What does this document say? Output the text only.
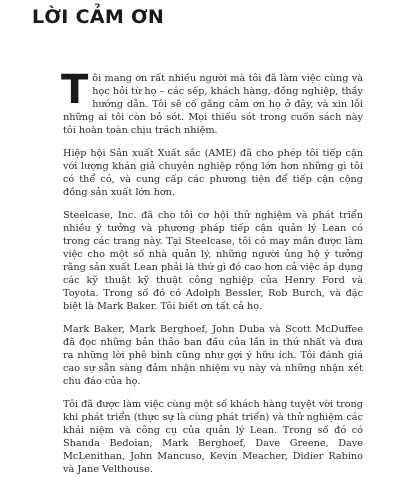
LỜI CẢM ƠN

Tôi mang ơn rất nhiều người mà tôi đã làm việc cùng và học hỏi từ họ – các sếp, khách hàng, đồng nghiệp, thầy hướng dẫn. Tôi sẽ cố gắng cảm ơn họ ở đây, và xin lỗi những ai tôi còn bỏ sót. Mọi thiếu sót trong cuốn sách này tôi hoàn toàn chịu trách nhiệm.

Hiệp hội Sản xuất Xuất sắc (AME) đã cho phép tôi tiếp cận với lượng khán giả chuyên nghiệp rộng lớn hơn những gì tôi có thể có, và cung cấp các phương tiện để tiếp cận cộng đồng sản xuất lớn hơn.

Steelcase, Inc. đã cho tôi cơ hội thử nghiệm và phát triển nhiều ý tưởng và phương pháp tiếp cận quản lý Lean có trong các trang này. Tại Steelcase, tôi có may mắn được làm việc cho một số nhà quản lý, những người ủng hộ ý tưởng rằng sản xuất Lean phải là thứ gì đó cao hơn cả việc áp dụng các kỹ thuật kỹ thuật công nghiệp của Henry Ford và Toyota. Trong số đó có Adolph Bessler, Rob Burch, và đặc biệt là Mark Baker. Tôi biết ơn tất cả họ.

Mark Baker, Mark Berghoef, John Duba và Scott McDuffee đã đọc những bản thảo ban đầu của lần in thứ nhất và đưa ra những lời phê bình cũng như gợi ý hữu ích. Tôi đánh giá cao sự sẵn sàng đảm nhận nhiệm vụ này và những nhận xét chu đáo của họ.

Tôi đã được làm việc cùng một số khách hàng tuyệt vời trong khi phát triển (thực sự là cùng phát triển) và thử nghiệm các khái niệm và công cụ của quản lý Lean. Trong số đó có Shanda Bedoian, Mark Berghoef, Dave Greene, Dave McLenithan, John Mancuso, Kevin Meacher, Didier Rabino và Jane Velthouse.
